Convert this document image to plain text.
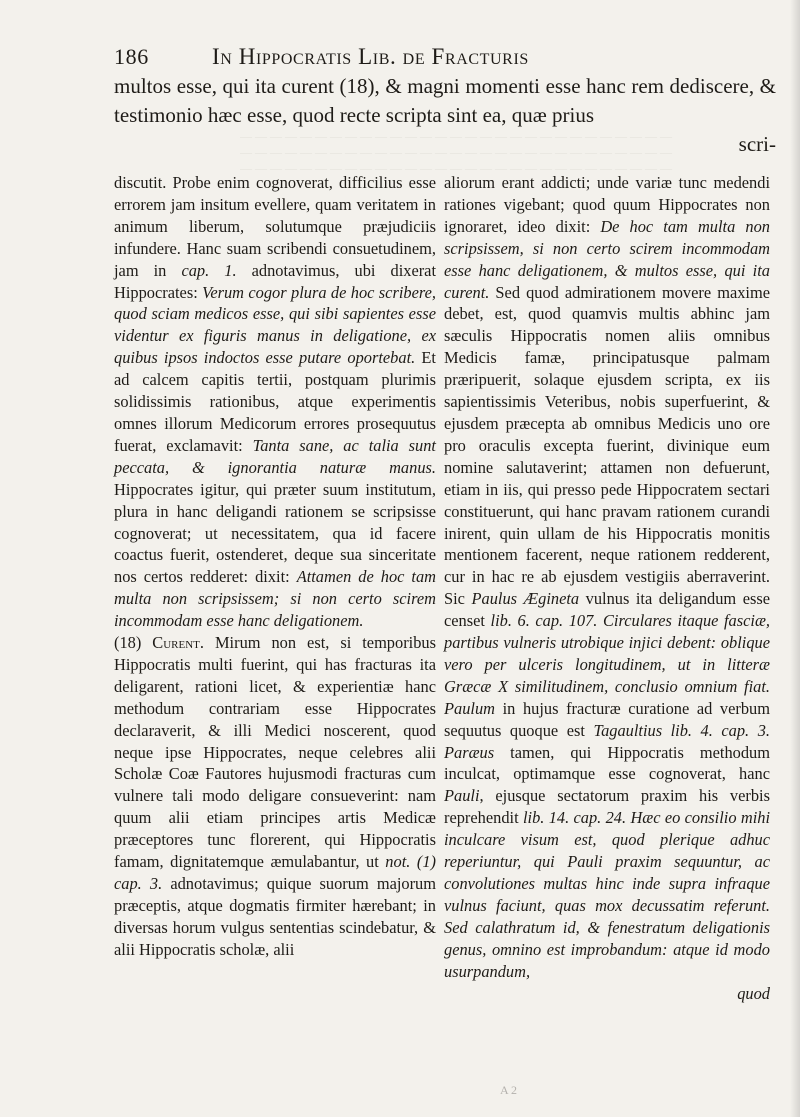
— — — — — — — — — — — — — — — — — — — — — — — — — — — — —
— — — — — — — — — — — — — — — — — — — — — — — — — — — — —
— — — — — — — — — — — — — — — — — — — — — — — — — — — — —
186	In Hippocratis Lib. de Fracturis
multos esse, qui ita curent (18), & magni momenti esse hanc rem dediscere, & testimonio hæc esse, quod recte scripta sint ea, quæ prius
scri-

discutit. Probe enim cognoverat, difficilius esse errorem jam insitum evellere, quam veritatem in animum liberum, solutumque præjudiciis infundere. Hanc suam scribendi consuetudinem, jam in cap. 1. adnotavimus, ubi dixerat Hippocrates: Verum cogor plura de hoc scribere, quod sciam medicos esse, qui sibi sapientes esse videntur ex figuris manus in deligatione, ex quibus ipsos indoctos esse putare oportebat. Et ad calcem capitis tertii, postquam plurimis solidissimis rationibus, atque experimentis omnes illorum Medicorum errores prosequutus fuerat, exclamavit: Tanta sane, ac talia sunt peccata, & ignorantia naturæ manus. Hippocrates igitur, qui præter suum institutum, plura in hanc deligandi rationem se scripsisse cognoverat; ut necessitatem, qua id facere coactus fuerit, ostenderet, deque sua sinceritate nos certos redderet: dixit: Attamen de hoc tam multa non scripsissem; si non certo scirem incommodam esse hanc deligationem.

(18) Curent. Mirum non est, si temporibus Hippocratis multi fuerint, qui has fracturas ita deligarent, rationi licet, & experientiæ hanc methodum contrariam esse Hippocrates declaraverit, & illi Medici noscerent, quod neque ipse Hippocrates, neque celebres alii Scholæ Coæ Fautores hujusmodi fracturas cum vulnere tali modo deligare consueverint: nam quum alii etiam principes artis Medicæ præceptores tunc florerent, qui Hippocratis famam, dignitatemque æmulabantur, ut not. (1) cap. 3. adnotavimus; quique suorum majorum præceptis, atque dogmatis firmiter hærebant; in diversas horum vulgus sententias scindebatur, & alii Hippocratis scholæ, alii

aliorum erant addicti; unde variæ tunc medendi rationes vigebant; quod quum Hippocrates non ignoraret, ideo dixit: De hoc tam multa non scripsissem, si non certo scirem incommodam esse hanc deligationem, & multos esse, qui ita curent. Sed quod admirationem movere maxime debet, est, quod quamvis multis abhinc jam sæculis Hippocratis nomen aliis omnibus Medicis famæ, principatusque palmam præripuerit, solaque ejusdem scripta, ex iis sapientissimis Veteribus, nobis superfuerint, & ejusdem præcepta ab omnibus Medicis uno ore pro oraculis excepta fuerint, divinique eum nomine salutaverint; attamen non defuerunt, etiam in iis, qui presso pede Hippocratem sectari constituerunt, qui hanc pravam rationem curandi inirent, quin ullam de his Hippocratis monitis mentionem facerent, neque rationem redderent, cur in hac re ab ejusdem vestigiis aberraverint. Sic Paulus Ægineta vulnus ita deligandum esse censet lib. 6. cap. 107. Circulares itaque fasciæ, partibus vulneris utrobique injici debent: oblique vero per ulceris longitudinem, ut in litteræ Græcæ X similitudinem, conclusio omnium fiat. Paulum in hujus fracturæ curatione ad verbum sequutus quoque est Tagaultius lib. 4. cap. 3. Paræus tamen, qui Hippocratis methodum inculcat, optimamque esse cognoverat, hanc Pauli, ejusque sectatorum praxim his verbis reprehendit lib. 14. cap. 24. Hæc eo consilio mihi inculcare visum est, quod plerique adhuc reperiuntur, qui Pauli praxim sequuntur, ac convolutiones multas hinc inde supra infraque vulnus faciunt, quas mox decussatim referunt. Sed calathratum id, & fenestratum deligationis genus, omnino est improbandum: atque id modo usurpandum,
quod

A 2
